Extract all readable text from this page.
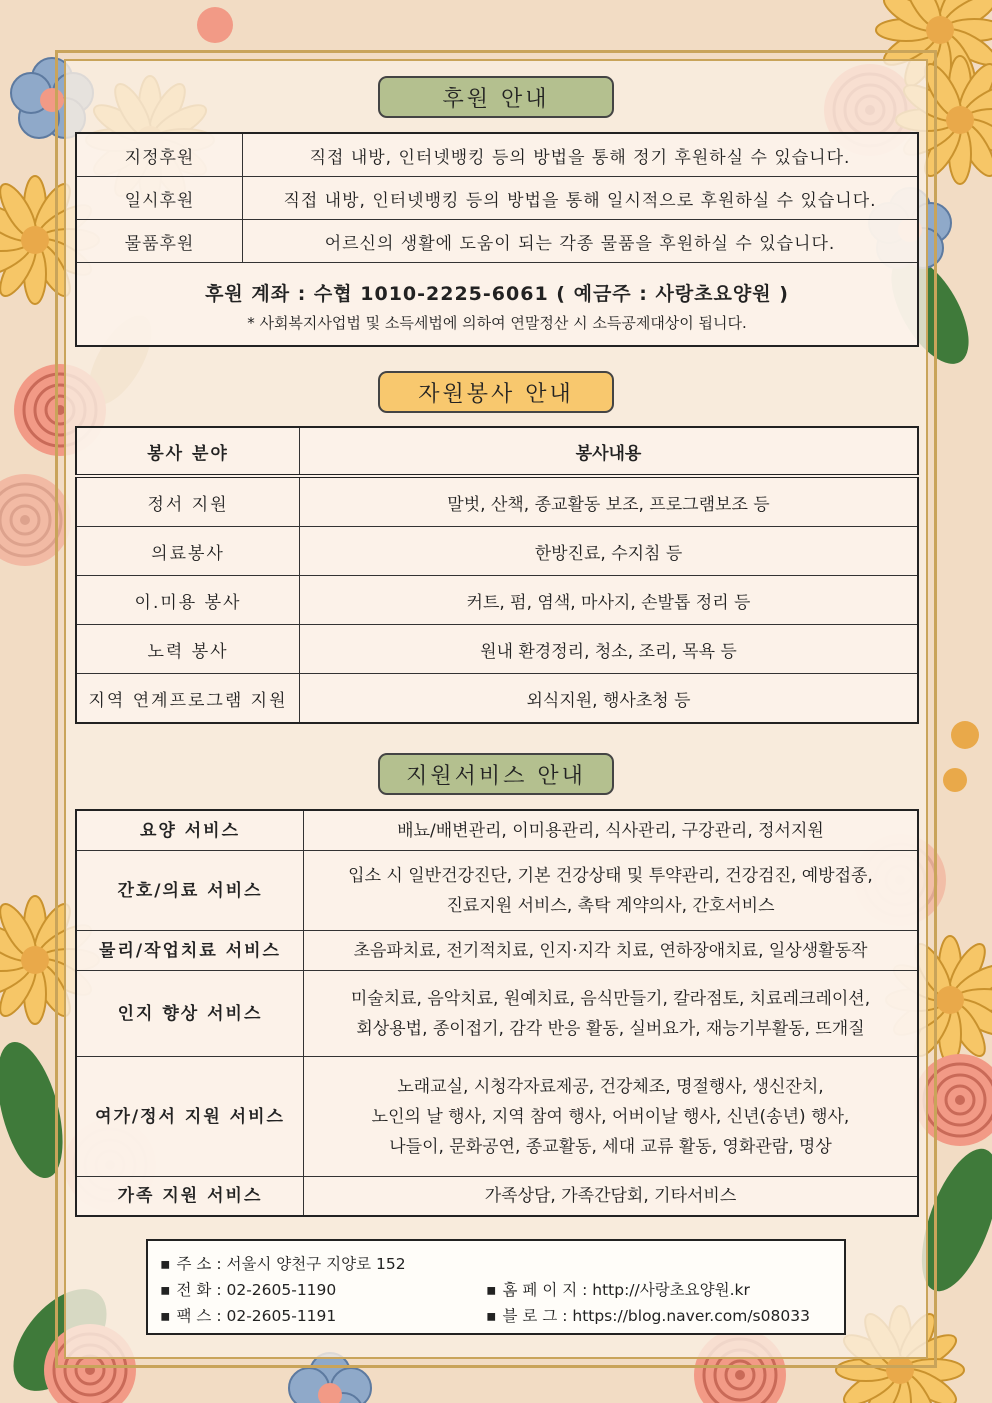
후원 안내
지정후원	직접 내방, 인터넷뱅킹 등의 방법을 통해 정기 후원하실 수 있습니다.
일시후원	직접 내방, 인터넷뱅킹 등의 방법을 통해 일시적으로 후원하실 수 있습니다.
물품후원	어르신의 생활에 도움이 되는 각종 물품을 후원하실 수 있습니다.

후원 계좌 : 수협 1010-2225-6061 ( 예금주 : 사랑초요양원 )
* 사회복지사업법 및 소득세법에 의하여 연말정산 시 소득공제대상이 됩니다.	
자원봉사 안내
봉사 분야	봉사내용
정서 지원	말벗, 산책, 종교활동 보조, 프로그램보조 등
의료봉사	한방진료, 수지침 등
이.미용 봉사	커트, 펌, 염색, 마사지, 손발톱 정리 등
노력 봉사	원내 환경정리, 청소, 조리, 목욕 등
지역 연계프로그램 지원	외식지원, 행사초청 등
지원서비스 안내
요양 서비스	배뇨/배변관리, 이미용관리, 식사관리, 구강관리, 정서지원

간호/의료 서비스	입소 시 일반건강진단, 기본 건강상태 및 투약관리, 건강검진, 예방접종,
진료지원 서비스, 촉탁 계약의사, 간호서비스

물리/작업치료 서비스	초음파치료, 전기적치료, 인지·지각 치료, 연하장애치료, 일상생활동작

인지 향상 서비스	미술치료, 음악치료, 원예치료, 음식만들기, 칼라점토, 치료레크레이션,
회상용법, 종이접기, 감각 반응 활동, 실버요가, 재능기부활동, 뜨개질

여가/정서 지원 서비스	노래교실, 시청각자료제공, 건강체조, 명절행사, 생신잔치,
노인의 날 행사, 지역 참여 행사, 어버이날 행사, 신년(송년) 행사,
나들이, 문화공연, 종교활동, 세대 교류 활동, 영화관람, 명상

가족 지원 서비스	가족상담, 가족간담회, 기타서비스
▪ 주 소 : 서울시 양천구 지양로 152
▪ 전 화 : 02-2605-1190
▪ 팩 스 : 02-2605-1191
▪ 홈 페 이 지 : http://사랑초요양원.kr
▪ 블 로 그 : https://blog.naver.com/s08033
